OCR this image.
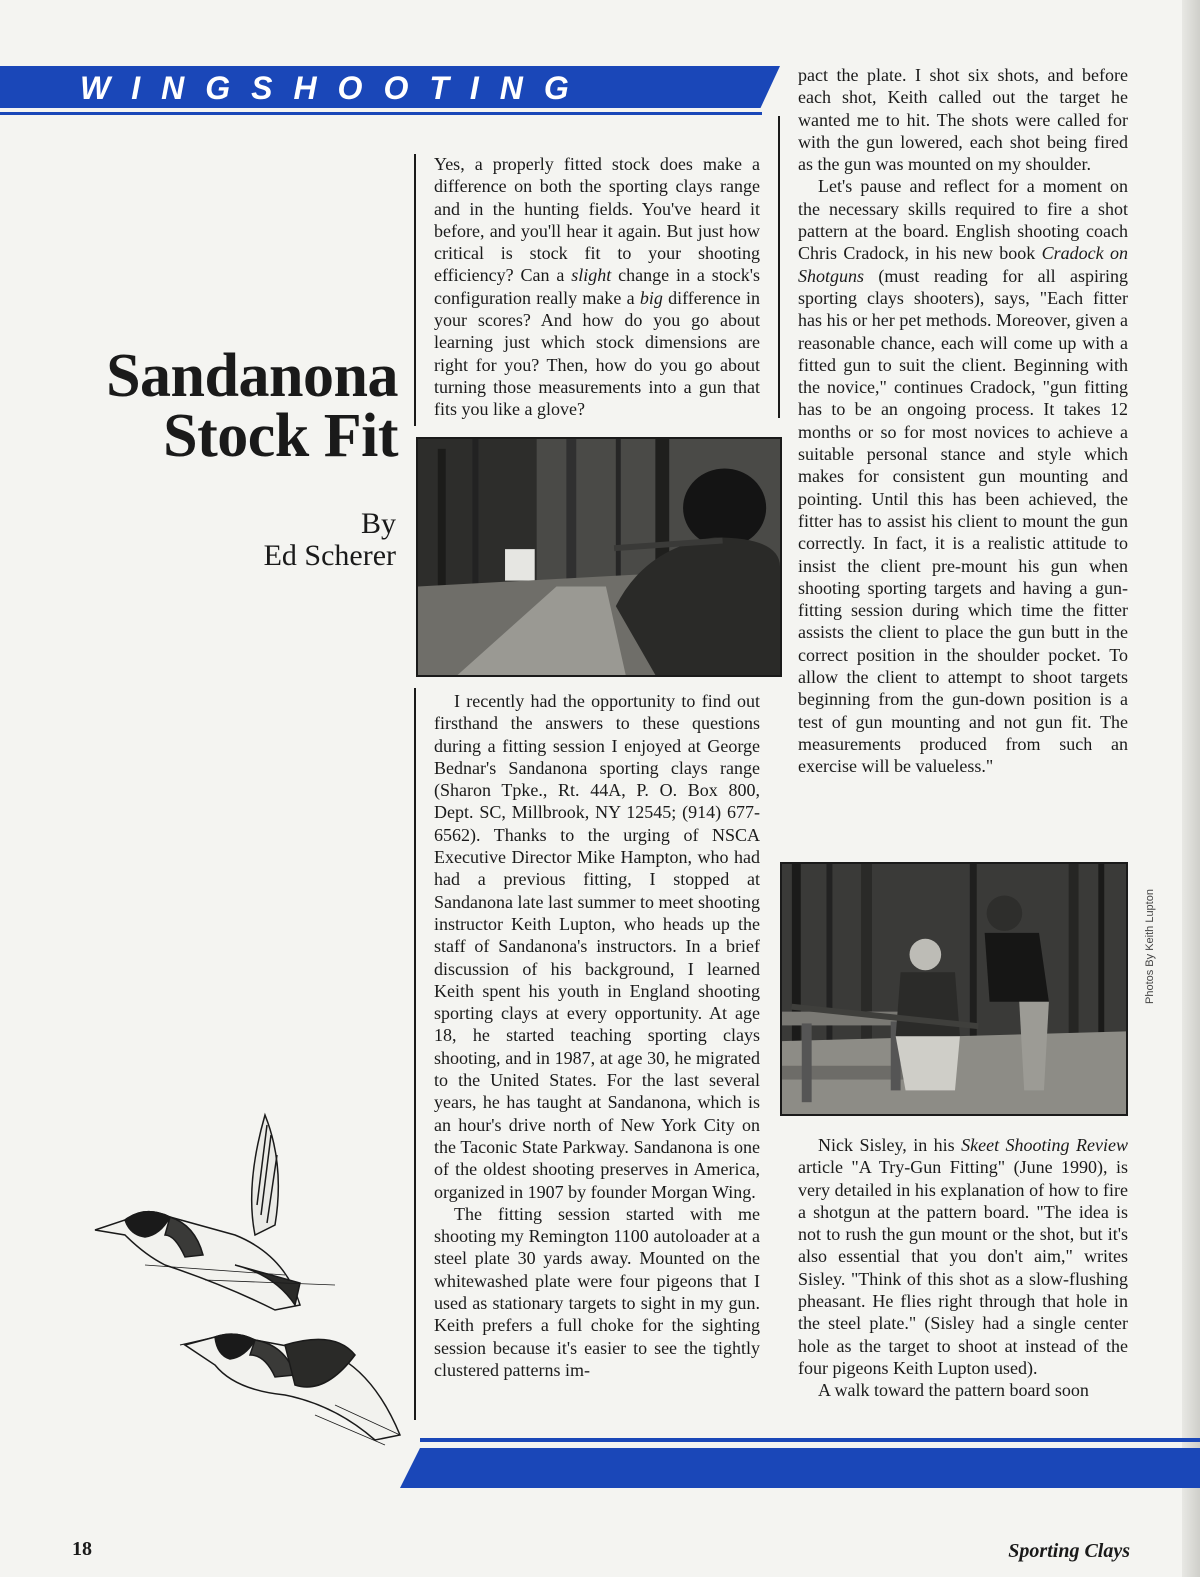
WINGSHOOTING
Sandanona
Stock Fit
By
Ed Scherer

Yes, a properly fitted stock does make a difference on both the sporting clays range and in the hunting fields. You've heard it before, and you'll hear it again. But just how critical is stock fit to your shooting efficiency? Can a slight change in a stock's configuration really make a big difference in your scores? And how do you go about learning just which stock dimensions are right for you? Then, how do you go about turning those measurements into a gun that fits you like a glove?

I recently had the opportunity to find out firsthand the answers to these questions during a fitting session I enjoyed at George Bednar's Sandanona sporting clays range (Sharon Tpke., Rt. 44A, P. O. Box 800, Dept. SC, Millbrook, NY 12545; (914) 677-6562). Thanks to the urging of NSCA Executive Director Mike Hampton, who had had a previous fitting, I stopped at Sandanona late last summer to meet shooting instructor Keith Lupton, who heads up the staff of Sandanona's instructors. In a brief discussion of his background, I learned Keith spent his youth in England shooting sporting clays at every opportunity. At age 18, he started teaching sporting clays shooting, and in 1987, at age 30, he migrated to the United States. For the last several years, he has taught at Sandanona, which is an hour's drive north of New York City on the Taconic State Parkway. Sandanona is one of the oldest shooting preserves in America, organized in 1907 by founder Morgan Wing.

The fitting session started with me shooting my Remington 1100 autoloader at a steel plate 30 yards away. Mounted on the whitewashed plate were four pigeons that I used as stationary targets to sight in my gun. Keith prefers a full choke for the sighting session because it's easier to see the tightly clustered patterns im-

pact the plate. I shot six shots, and before each shot, Keith called out the target he wanted me to hit. The shots were called for with the gun lowered, each shot being fired as the gun was mounted on my shoulder.

Let's pause and reflect for a moment on the necessary skills required to fire a shot pattern at the board. English shooting coach Chris Cradock, in his new book Cradock on Shotguns (must reading for all aspiring sporting clays shooters), says, "Each fitter has his or her pet methods. Moreover, given a reasonable chance, each will come up with a fitted gun to suit the client. Beginning with the novice," continues Cradock, "gun fitting has to be an ongoing process. It takes 12 months or so for most novices to achieve a suitable personal stance and style which makes for consistent gun mounting and pointing. Until this has been achieved, the fitter has to assist his client to mount the gun correctly. In fact, it is a realistic attitude to insist the client pre-mount his gun when shooting sporting targets and having a gun-fitting session during which time the fitter assists the client to place the gun butt in the correct position in the shoulder pocket. To allow the client to attempt to shoot targets beginning from the gun-down position is a test of gun mounting and not gun fit. The measurements produced from such an exercise will be valueless."

Photos By Keith Lupton

Nick Sisley, in his Skeet Shooting Review article "A Try-Gun Fitting" (June 1990), is very detailed in his explanation of how to fire a shotgun at the pattern board. "The idea is not to rush the gun mount or the shot, but it's also essential that you don't aim," writes Sisley. "Think of this shot as a slow-flushing pheasant. He flies right through that hole in the steel plate." (Sisley had a single center hole as the target to shoot at instead of the four pigeons Keith Lupton used).

A walk toward the pattern board soon

18	Sporting Clays
